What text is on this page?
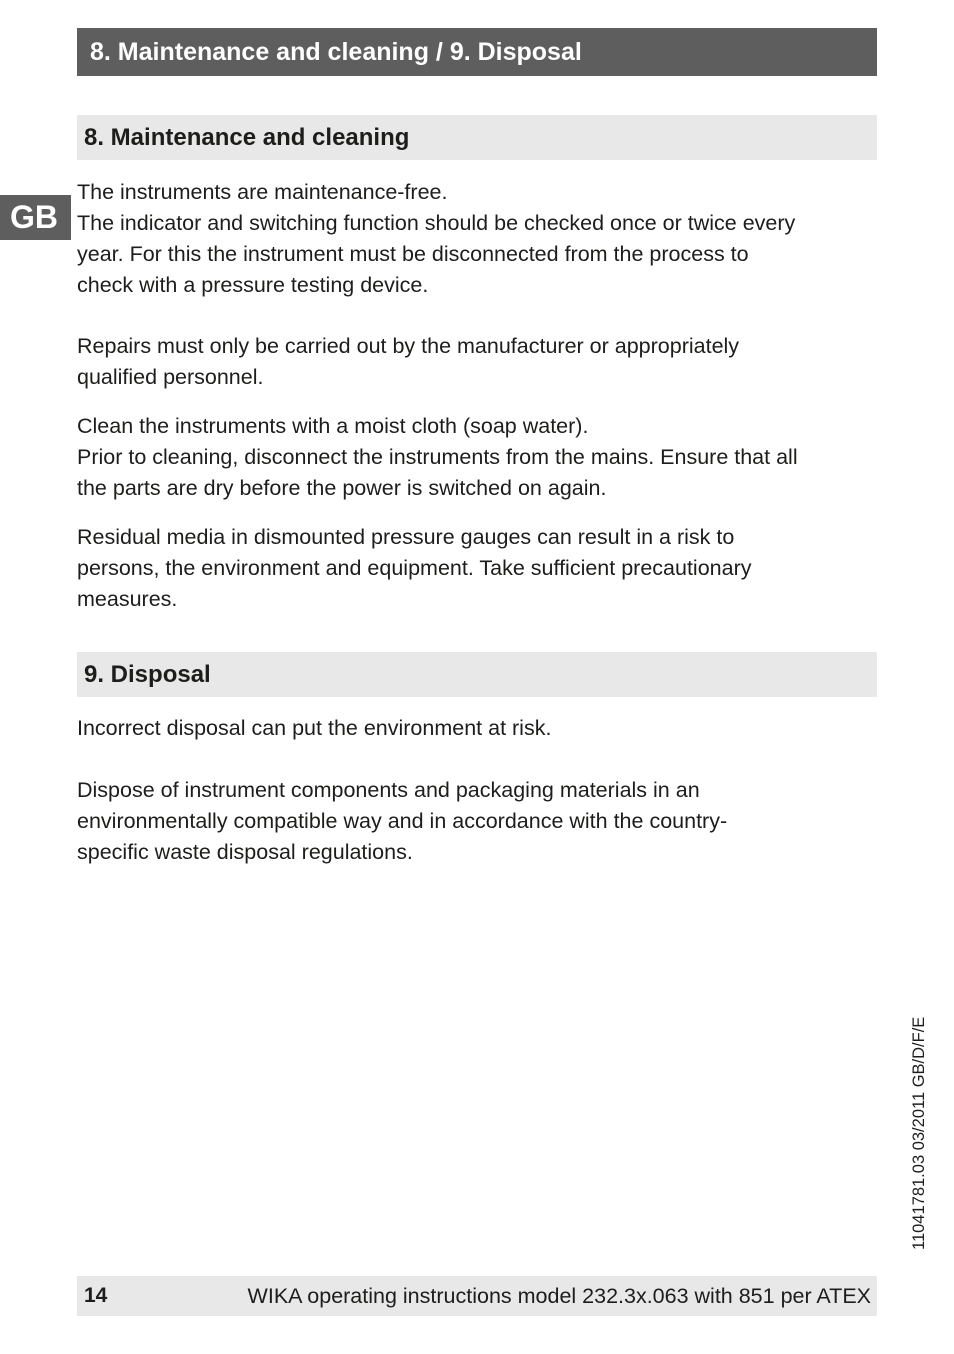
8. Maintenance and cleaning / 9. Disposal
GB
8. Maintenance and cleaning
The instruments are maintenance-free.
The indicator and switching function should be checked once or twice every
year. For this the instrument must be disconnected from the process to
check with a pressure testing device.
Repairs must only be carried out by the manufacturer or appropriately
qualified personnel.
Clean the instruments with a moist cloth (soap water).
Prior to cleaning, disconnect the instruments from the mains. Ensure that all
the parts are dry before the power is switched on again.
Residual media in dismounted pressure gauges can result in a risk to
persons, the environment and equipment. Take sufficient precautionary
measures.
9. Disposal
Incorrect disposal can put the environment at risk.
Dispose of instrument components and packaging materials in an
environmentally compatible way and in accordance with the country-
specific waste disposal regulations.
11041781.03 03/2011 GB/D/F/E
14	WIKA operating instructions model 232.3x.063 with 851 per ATEX
